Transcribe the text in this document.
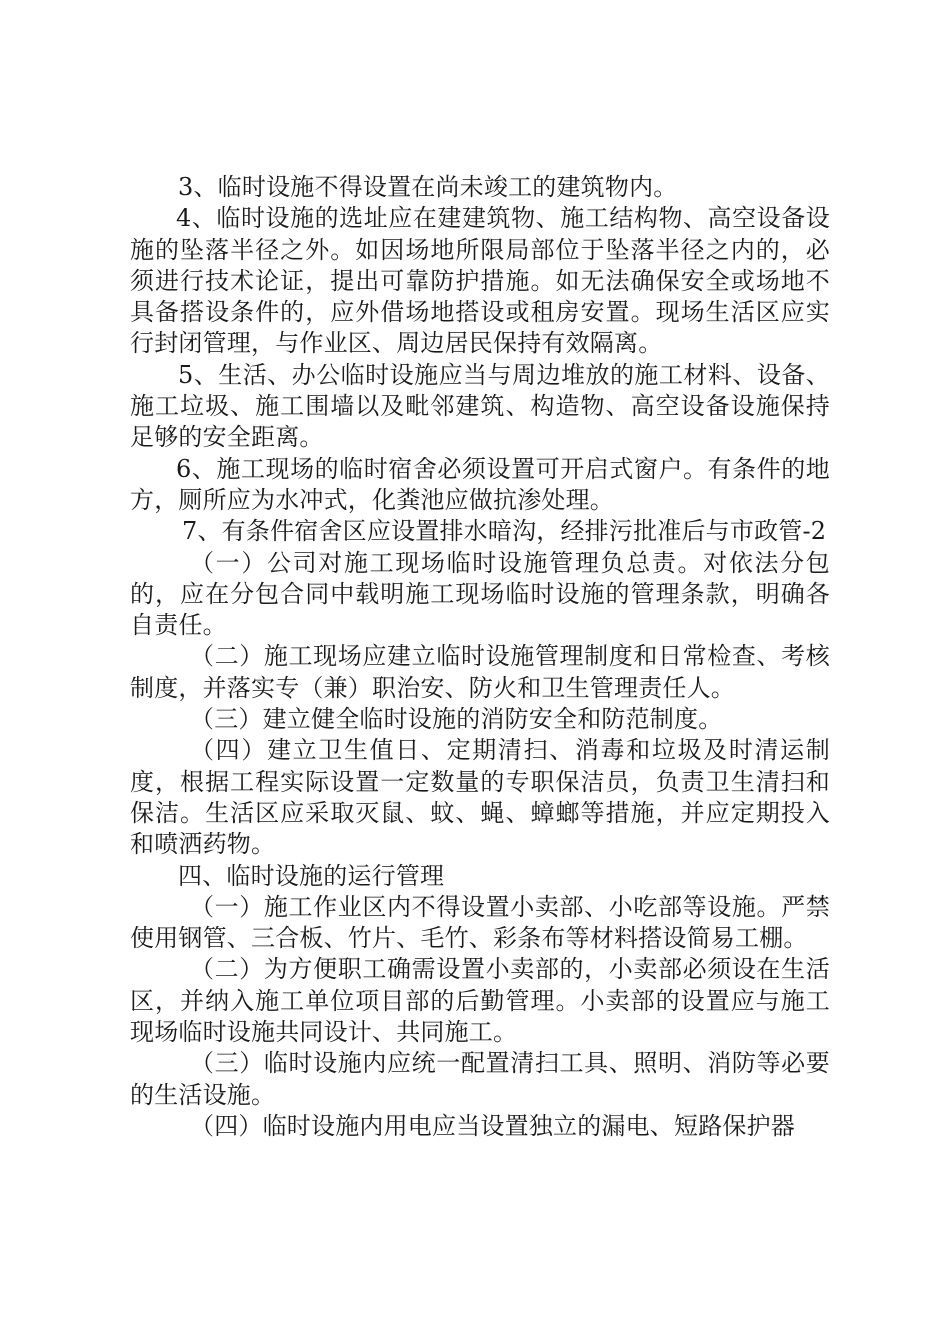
3、临时设施不得设置在尚未竣工的建筑物内。

4、临时设施的选址应在建建筑物、施工结构物、高空设备设施的坠落半径之外。如因场地所限局部位于坠落半径之内的，必须进行技术论证，提出可靠防护措施。如无法确保安全或场地不具备搭设条件的，应外借场地搭设或租房安置。现场生活区应实行封闭管理，与作业区、周边居民保持有效隔离。

5、生活、办公临时设施应当与周边堆放的施工材料、设备、施工垃圾、施工围墙以及毗邻建筑、构造物、高空设备设施保持足够的安全距离。

6、施工现场的临时宿舍必须设置可开启式窗户。有条件的地方，厕所应为水冲式，化粪池应做抗渗处理。

7、有条件宿舍区应设置排水暗沟，经排污批准后与市政管-2

（一）公司对施工现场临时设施管理负总责。对依法分包的，应在分包合同中载明施工现场临时设施的管理条款，明确各自责任。

（二）施工现场应建立临时设施管理制度和日常检查、考核制度，并落实专（兼）职治安、防火和卫生管理责任人。

（三）建立健全临时设施的消防安全和防范制度。

（四）建立卫生值日、定期清扫、消毒和垃圾及时清运制度，根据工程实际设置一定数量的专职保洁员，负责卫生清扫和保洁。生活区应采取灭鼠、蚊、蝇、蟑螂等措施，并应定期投入和喷洒药物。

四、临时设施的运行管理

（一）施工作业区内不得设置小卖部、小吃部等设施。严禁使用钢管、三合板、竹片、毛竹、彩条布等材料搭设简易工棚。

（二）为方便职工确需设置小卖部的，小卖部必须设在生活区，并纳入施工单位项目部的后勤管理。小卖部的设置应与施工现场临时设施共同设计、共同施工。

（三）临时设施内应统一配置清扫工具、照明、消防等必要的生活设施。

（四）临时设施内用电应当设置独立的漏电、短路保护器
